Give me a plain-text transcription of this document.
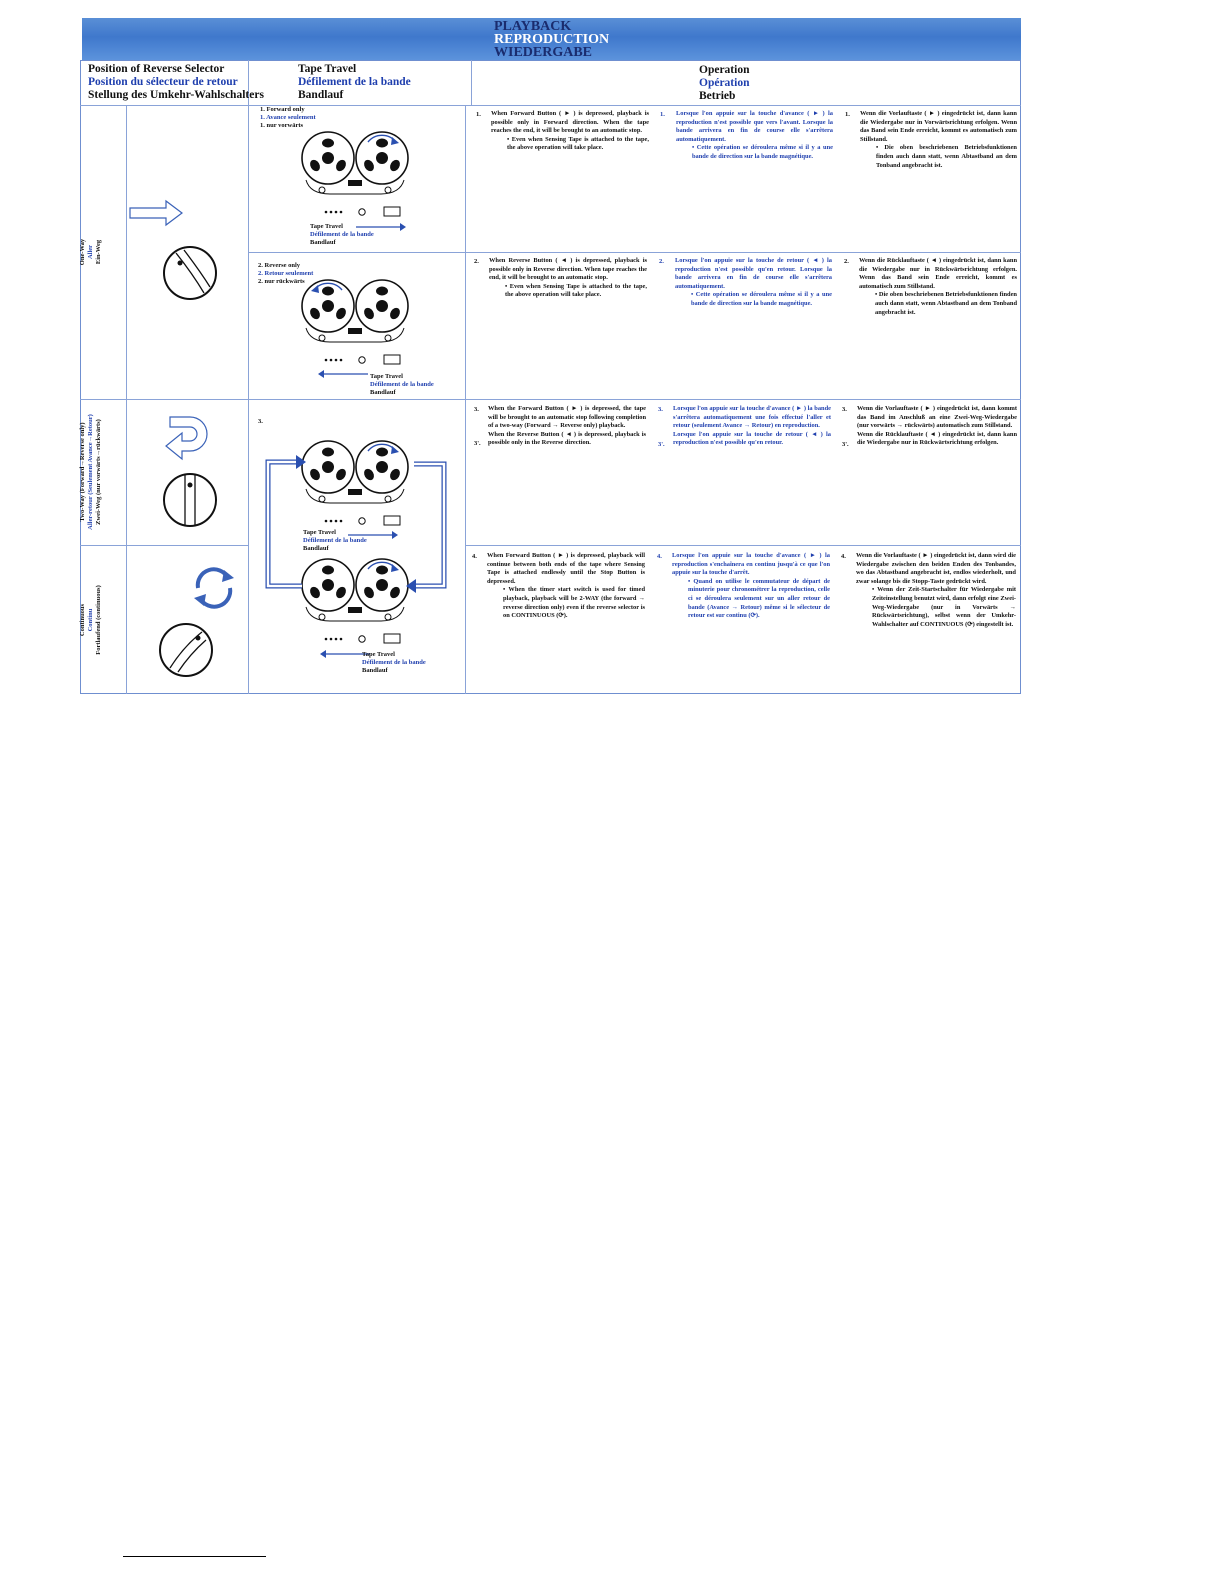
PLAYBACK
REPRODUCTION
WIEDERGABE
Position of Reverse Selector
Position du sélecteur de retour
Stellung des Umkehr-Wahlschalters
Tape Travel
Défilement de la bande
Bandlauf
Operation
Opération
Betrieb
One-Way
Aller
Ein-Weg
Two-Way (Forward→Reverse only)
Aller-retour (Seulement Avance→Retour)
Zwei-Weg (nur vorwärts→rückwärts)
Continuous
Continu
Fortlaufend (continuous)
1. Forward only
1. Avance seulement
1. nur vorwärts
2. Reverse only
2. Retour seulement
2. nur rückwärts
3.
Tape Travel
Défilement de la bande
Bandlauf
Tape Travel
Défilement de la bande
Bandlauf
Tape Travel
Défilement de la bande
Bandlauf
Tape Travel
Défilement de la bande
Bandlauf
1. When Forward Button ( ► ) is depressed, playback is possible only in Forward direction. When the tape reaches the end, it will be brought to an automatic stop.

• Even when Sensing Tape is attached to the tape, the above operation will take place.

1. Lorsque l'on appuie sur la touche d'avance ( ► ) la reproduction n'est possible que vers l'avant. Lorsque la bande arrivera en fin de course elle s'arrêtera automatiquement.

• Cette opération se déroulera même si il y a une bande de direction sur la bande magnétique.

1. Wenn die Vorlauftaste ( ► ) eingedrückt ist, dann kann die Wiedergabe nur in Vorwärtsrichtung erfolgen. Wenn das Band sein Ende erreicht, kommt es automatisch zum Stillstand.

• Die oben beschriebenen Betriebsfunktionen finden auch dann statt, wenn Abtastband an dem Tonband angebracht ist.

2. When Reverse Button ( ◄ ) is depressed, playback is possible only in Reverse direction. When tape reaches the end, it will be brought to an automatic stop.

• Even when Sensing Tape is attached to the tape, the above operation will take place.

2. Lorsque l'on appuie sur la touche de retour ( ◄ ) la reproduction n'est possible qu'en retour. Lorsque la bande arrivera en fin de course elle s'arrêtera automatiquement.

• Cette opération se déroulera même si il y a une bande de direction sur la bande magnétique.

2. Wenn die Rücklauftaste ( ◄ ) eingedrückt ist, dann kann die Wiedergabe nur in Rückwärtsrichtung erfolgen. Wenn das Band sein Ende erreicht, kommt es automatisch zum Stillstand.

• Die oben beschriebenen Betriebsfunktionen finden auch dann statt, wenn Abtastband an dem Tonband angebracht ist.

3. When the Forward Button ( ► ) is depressed, the tape will be brought to an automatic stop following completion of a two-way (Forward → Reverse only) playback.

When the Reverse Button ( ◄ ) is depressed, playback is possible only in the Reverse direction.

3'.
3. Lorsque l'on appuie sur la touche d'avance ( ► ) la bande s'arrêtera automatiquement une fois effectué l'aller et retour (seulement Avance → Retour) en reproduction.

Lorsque l'on appuie sur la touche de retour ( ◄ ) la reproduction n'est possible qu'en retour.

3'.
3. Wenn die Vorlauftaste ( ► ) eingedrückt ist, dann kommt das Band im Anschluß an eine Zwei-Weg-Wiedergabe (nur vorwärts → rückwärts) automatisch zum Stillstand.

Wenn die Rücklauftaste ( ◄ ) eingedrückt ist, dann kann die Wiedergabe nur in Rückwärtsrichtung erfolgen.

3'.
4. When Forward Button ( ► ) is depressed, playback will continue between both ends of the tape where Sensing Tape is attached endlessly until the Stop Button is depressed.

• When the timer start switch is used for timed playback, playback will be 2-WAY (the forward → reverse direction only) even if the reverse selector is on CONTINUOUS (⟳).

4. Lorsque l'on appuie sur la touche d'avance ( ► ) la reproduction s'enchaînera en continu jusqu'à ce que l'on appuie sur la touche d'arrêt.

• Quand on utilise le commutateur de départ de minuterie pour chronométrer la reproduction, celle ci se déroulera seulement sur un aller retour de bande (Avance → Retour) même si le sélecteur de retour est sur continu (⟳).

4. Wenn die Vorlauftaste ( ► ) eingedrückt ist, dann wird die Wiedergabe zwischen den beiden Enden des Tonbandes, wo das Abtastband angebracht ist, endlos wiederholt, und zwar solange bis die Stopp-Taste gedrückt wird.

• Wenn der Zeit-Startschalter für Wiedergabe mit Zeiteinstellung benutzt wird, dann erfolgt eine Zwei-Weg-Wiedergabe (nur in Vorwärts → Rückwärtsrichtung), selbst wenn der Umkehr-Wahlschalter auf CONTINUOUS (⟳) eingestellt ist.
